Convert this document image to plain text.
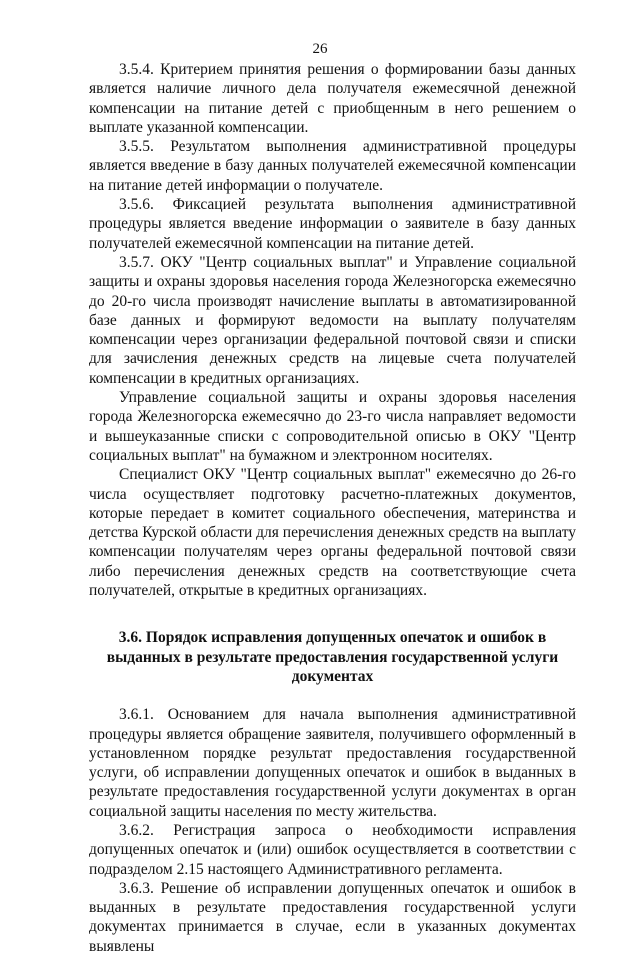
26

3.5.4. Критерием принятия решения о формировании базы данных является наличие личного дела получателя ежемесячной денежной компенсации на питание детей с приобщенным в него решением о выплате указанной компенсации.

3.5.5. Результатом выполнения административной процедуры является введение в базу данных получателей ежемесячной компенсации на питание детей информации о получателе.

3.5.6. Фиксацией результата выполнения административной процедуры является введение информации о заявителе в базу данных получателей ежемесячной компенсации на питание детей.

3.5.7. ОКУ "Центр социальных выплат" и Управление социальной защиты и охраны здоровья населения города Железногорска ежемесячно до 20-го числа производят начисление выплаты в автоматизированной базе данных и формируют ведомости на выплату получателям компенсации через организации федеральной почтовой связи и списки для зачисления денежных средств на лицевые счета получателей компенсации в кредитных организациях.

Управление социальной защиты и охраны здоровья населения города Железногорска ежемесячно до 23-го числа направляет ведомости и вышеуказанные списки с сопроводительной описью в ОКУ "Центр социальных выплат" на бумажном и электронном носителях.

Специалист ОКУ "Центр социальных выплат" ежемесячно до 26-го числа осуществляет подготовку расчетно-платежных документов, которые передает в комитет социального обеспечения, материнства и детства Курской области для перечисления денежных средств на выплату компенсации получателям через органы федеральной почтовой связи либо перечисления денежных средств на соответствующие счета получателей, открытые в кредитных организациях.

3.6. Порядок исправления допущенных опечаток и ошибок в выданных в результате предоставления государственной услуги документах

3.6.1. Основанием для начала выполнения административной процедуры является обращение заявителя, получившего оформленный в установленном порядке результат предоставления государственной услуги, об исправлении допущенных опечаток и ошибок в выданных в результате предоставления государственной услуги документах в орган социальной защиты населения по месту жительства.

3.6.2. Регистрация запроса о необходимости исправления допущенных опечаток и (или) ошибок осуществляется в соответствии с подразделом 2.15 настоящего Административного регламента.

3.6.3. Решение об исправлении допущенных опечаток и ошибок в выданных в результате предоставления государственной услуги документах принимается в случае, если в указанных документах выявлены
